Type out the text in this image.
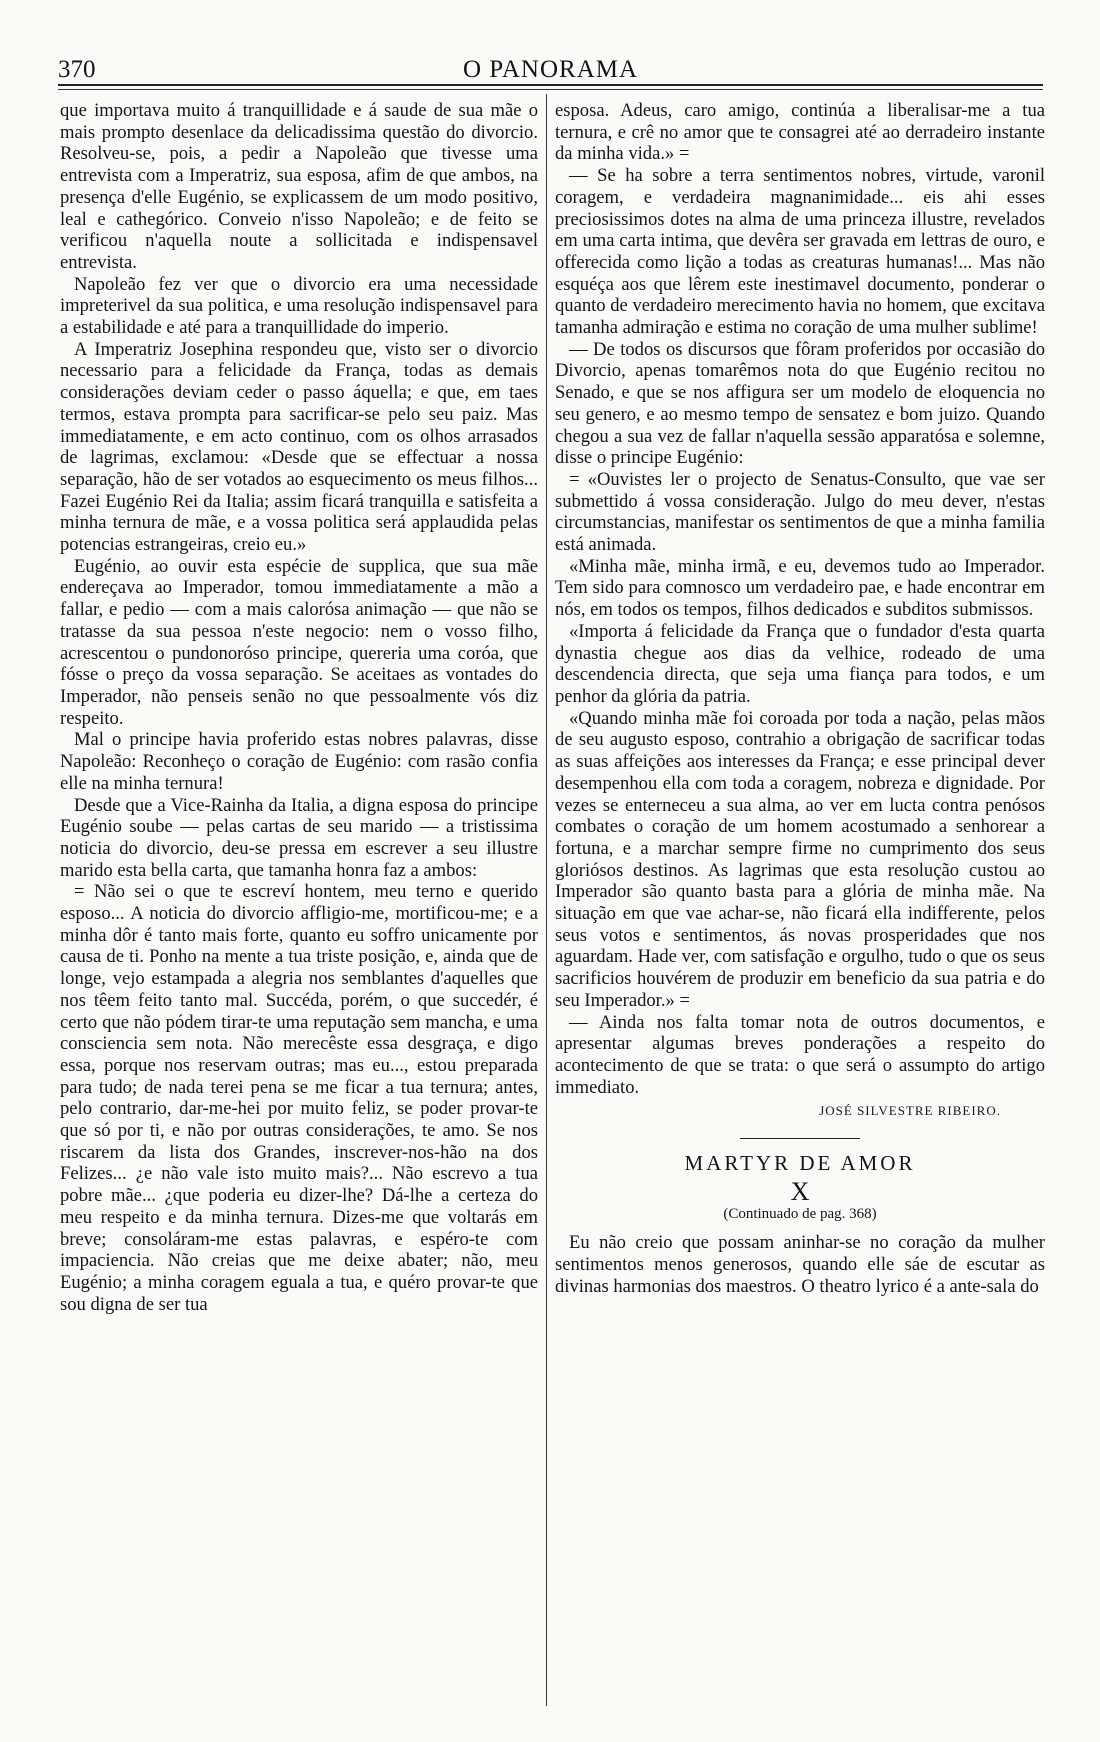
370	O PANORAMA

que importava muito á tranquillidade e á saude de sua mãe o mais prompto desenlace da delicadissima questão do divorcio. Resolveu-se, pois, a pedir a Napoleão que tivesse uma entrevista com a Imperatriz, sua esposa, afim de que ambos, na presença d'elle Eugénio, se explicassem de um modo positivo, leal e cathegórico. Conveio n'isso Napoleão; e de feito se verificou n'aquella noute a sollicitada e indispensavel entrevista.

Napoleão fez ver que o divorcio era uma necessidade impreterivel da sua politica, e uma resolução indispensavel para a estabilidade e até para a tranquillidade do imperio.

A Imperatriz Josephina respondeu que, visto ser o divorcio necessario para a felicidade da França, todas as demais considerações deviam ceder o passo áquella; e que, em taes termos, estava prompta para sacrificar-se pelo seu paiz. Mas immediatamente, e em acto continuo, com os olhos arrasados de lagrimas, exclamou: «Desde que se effectuar a nossa separação, hão de ser votados ao esquecimento os meus filhos... Fazei Eugénio Rei da Italia; assim ficará tranquilla e satisfeita a minha ternura de mãe, e a vossa politica será applaudida pelas potencias estrangeiras, creio eu.»

Eugénio, ao ouvir esta espécie de supplica, que sua mãe endereçava ao Imperador, tomou immediatamente a mão a fallar, e pedio — com a mais calorósa animação — que não se tratasse da sua pessoa n'este negocio: nem o vosso filho, acrescentou o pundonoróso principe, quereria uma coróa, que fósse o preço da vossa separação. Se aceitaes as vontades do Imperador, não penseis senão no que pessoalmente vós diz respeito.

Mal o principe havia proferido estas nobres palavras, disse Napoleão: Reconheço o coração de Eugénio: com rasão confia elle na minha ternura!

Desde que a Vice-Rainha da Italia, a digna esposa do principe Eugénio soube — pelas cartas de seu marido — a tristissima noticia do divorcio, deu-se pressa em escrever a seu illustre marido esta bella carta, que tamanha honra faz a ambos:

= Não sei o que te escreví hontem, meu terno e querido esposo... A noticia do divorcio affligio-me, mortificou-me; e a minha dôr é tanto mais forte, quanto eu soffro unicamente por causa de ti. Ponho na mente a tua triste posição, e, ainda que de longe, vejo estampada a alegria nos semblantes d'aquelles que nos têem feito tanto mal. Succéda, porém, o que succedér, é certo que não pódem tirar-te uma reputação sem mancha, e uma consciencia sem nota. Não merecêste essa desgraça, e digo essa, porque nos reservam outras; mas eu..., estou preparada para tudo; de nada terei pena se me ficar a tua ternura; antes, pelo contrario, dar-me-hei por muito feliz, se poder provar-te que só por ti, e não por outras considerações, te amo. Se nos riscarem da lista dos Grandes, inscrever-nos-hão na dos Felizes... ¿e não vale isto muito mais?... Não escrevo a tua pobre mãe... ¿que poderia eu dizer-lhe? Dá-lhe a certeza do meu respeito e da minha ternura. Dizes-me que voltarás em breve; consoláram-me estas palavras, e espéro-te com impaciencia. Não creias que me deixe abater; não, meu Eugénio; a minha coragem eguala a tua, e quéro provar-te que sou digna de ser tua

esposa. Adeus, caro amigo, continúa a liberalisar-me a tua ternura, e crê no amor que te consagrei até ao derradeiro instante da minha vida.» =

— Se ha sobre a terra sentimentos nobres, virtude, varonil coragem, e verdadeira magnanimidade... eis ahi esses preciosissimos dotes na alma de uma princeza illustre, revelados em uma carta intima, que devêra ser gravada em lettras de ouro, e offerecida como lição a todas as creaturas humanas!... Mas não esquéça aos que lêrem este inestimavel documento, ponderar o quanto de verdadeiro merecimento havia no homem, que excitava tamanha admiração e estima no coração de uma mulher sublime!

— De todos os discursos que fôram proferidos por occasião do Divorcio, apenas tomarêmos nota do que Eugénio recitou no Senado, e que se nos affigura ser um modelo de eloquencia no seu genero, e ao mesmo tempo de sensatez e bom juizo. Quando chegou a sua vez de fallar n'aquella sessão apparatósa e solemne, disse o principe Eugénio:

= «Ouvistes ler o projecto de Senatus-Consulto, que vae ser submettido á vossa consideração. Julgo do meu dever, n'estas circumstancias, manifestar os sentimentos de que a minha familia está animada.

«Minha mãe, minha irmã, e eu, devemos tudo ao Imperador. Tem sido para comnosco um verdadeiro pae, e hade encontrar em nós, em todos os tempos, filhos dedicados e subditos submissos.

«Importa á felicidade da França que o fundador d'esta quarta dynastia chegue aos dias da velhice, rodeado de uma descendencia directa, que seja uma fiança para todos, e um penhor da glória da patria.

«Quando minha mãe foi coroada por toda a nação, pelas mãos de seu augusto esposo, contrahio a obrigação de sacrificar todas as suas affeições aos interesses da França; e esse principal dever desempenhou ella com toda a coragem, nobreza e dignidade. Por vezes se enterneceu a sua alma, ao ver em lucta contra penósos combates o coração de um homem acostumado a senhorear a fortuna, e a marchar sempre firme no cumprimento dos seus gloriósos destinos. As lagrimas que esta resolução custou ao Imperador são quanto basta para a glória de minha mãe. Na situação em que vae achar-se, não ficará ella indifferente, pelos seus votos e sentimentos, ás novas prosperidades que nos aguardam. Hade ver, com satisfação e orgulho, tudo o que os seus sacrificios houvérem de produzir em beneficio da sua patria e do seu Imperador.» =

— Ainda nos falta tomar nota de outros documentos, e apresentar algumas breves ponderações a respeito do acontecimento de que se trata: o que será o assumpto do artigo immediato.

JOSÉ SILVESTRE RIBEIRO.
MARTYR DE AMOR
X
(Continuado de pag. 368)

Eu não creio que possam aninhar-se no coração da mulher sentimentos menos generosos, quando elle sáe de escutar as divinas harmonias dos maestros. O theatro lyrico é a ante-sala do
